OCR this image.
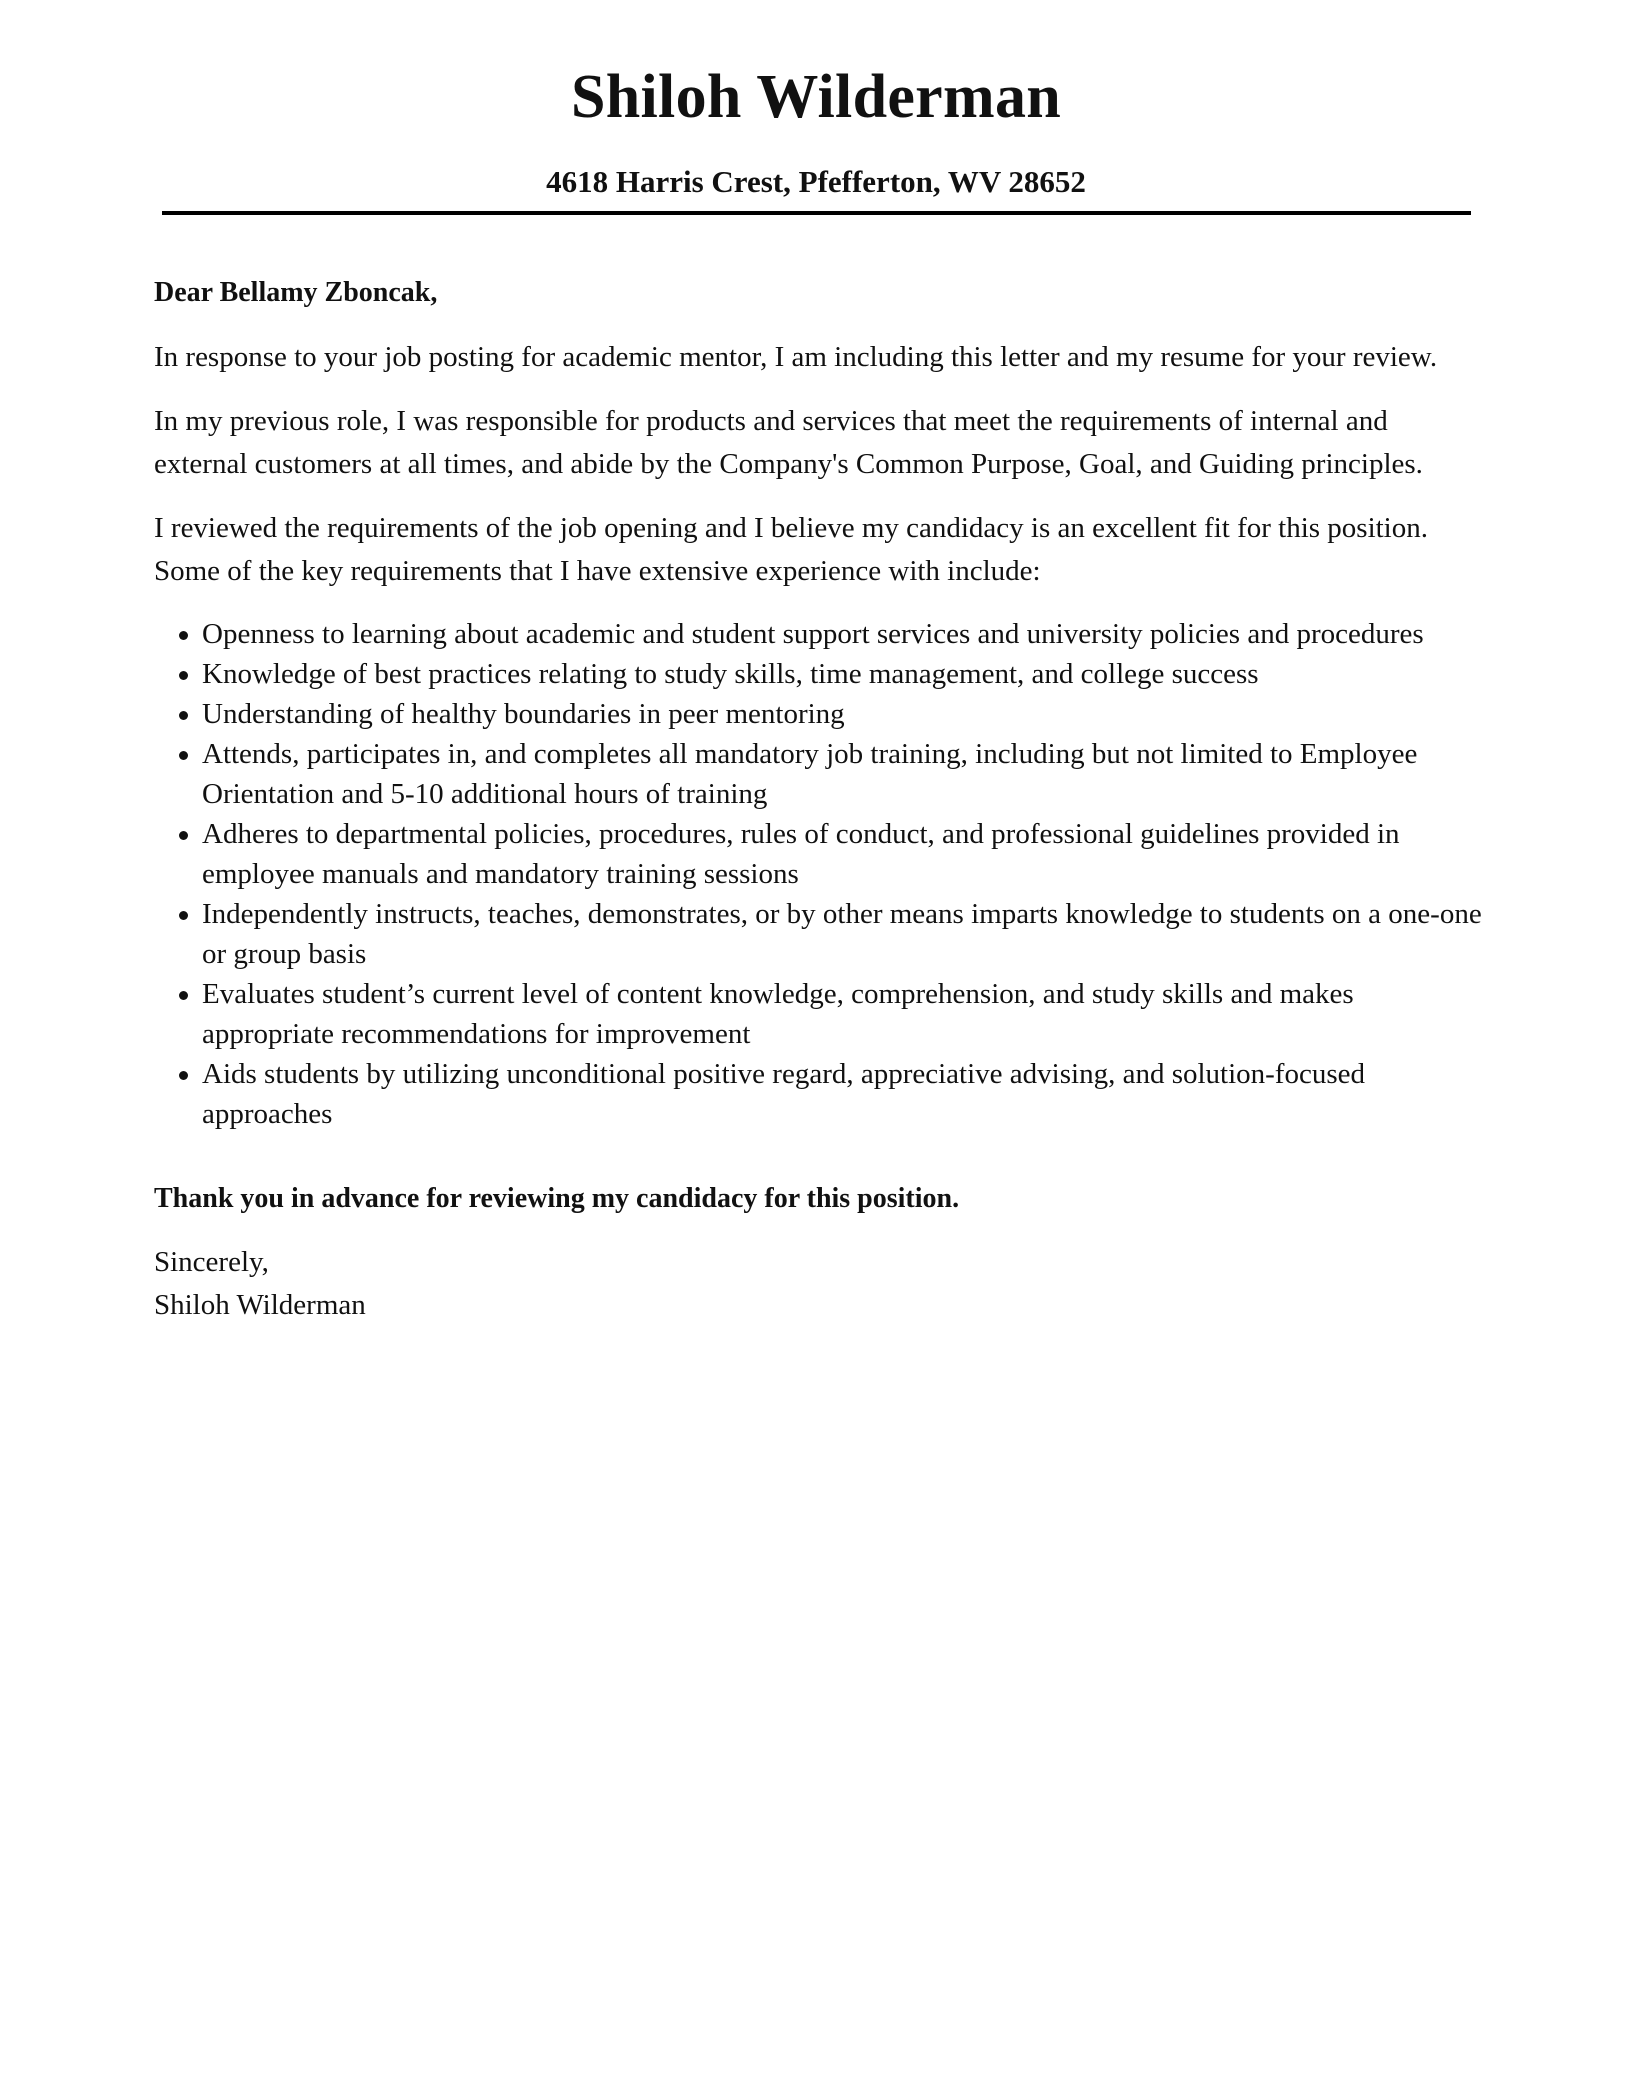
Shiloh Wilderman

4618 Harris Crest, Pfefferton, WV 28652

Dear Bellamy Zboncak,

In response to your job posting for academic mentor, I am including this letter and my resume for your review.

In my previous role, I was responsible for products and services that meet the requirements of internal and external customers at all times, and abide by the Company's Common Purpose, Goal, and Guiding principles.

I reviewed the requirements of the job opening and I believe my candidacy is an excellent fit for this position. Some of the key requirements that I have extensive experience with include:

Openness to learning about academic and student support services and university policies and procedures
Knowledge of best practices relating to study skills, time management, and college success
Understanding of healthy boundaries in peer mentoring
Attends, participates in, and completes all mandatory job training, including but not limited to Employee Orientation and 5-10 additional hours of training
Adheres to departmental policies, procedures, rules of conduct, and professional guidelines provided in employee manuals and mandatory training sessions
Independently instructs, teaches, demonstrates, or by other means imparts knowledge to students on a one-one or group basis
Evaluates student’s current level of content knowledge, comprehension, and study skills and makes appropriate recommendations for improvement
Aids students by utilizing unconditional positive regard, appreciative advising, and solution-focused approaches

Thank you in advance for reviewing my candidacy for this position.

Sincerely,

Shiloh Wilderman
